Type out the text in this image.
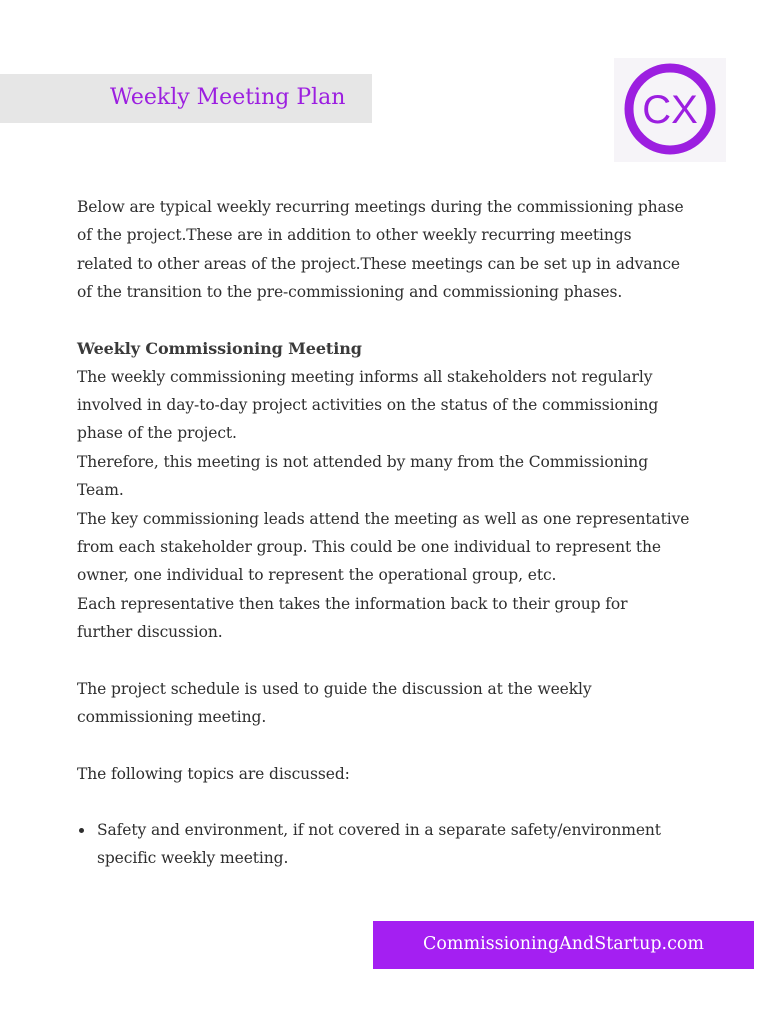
Weekly Meeting Plan	CX

Below are typical weekly recurring meetings during the commissioning phase

of the project.These are in addition to other weekly recurring meetings

related to other areas of the project.These meetings can be set up in advance

of the transition to the pre-commissioning and commissioning phases.

Weekly Commissioning Meeting

The weekly commissioning meeting informs all stakeholders not regularly

involved in day-to-day project activities on the status of the commissioning

phase of the project.

Therefore, this meeting is not attended by many from the Commissioning

Team.

The key commissioning leads attend the meeting as well as one representative

from each stakeholder group. This could be one individual to represent the

owner, one individual to represent the operational group, etc.

Each representative then takes the information back to their group for

further discussion.

The project schedule is used to guide the discussion at the weekly

commissioning meeting.

The following topics are discussed:

Safety and environment, if not covered in a separate safety/environment

specific weekly meeting.

CommissioningAndStartup.com
